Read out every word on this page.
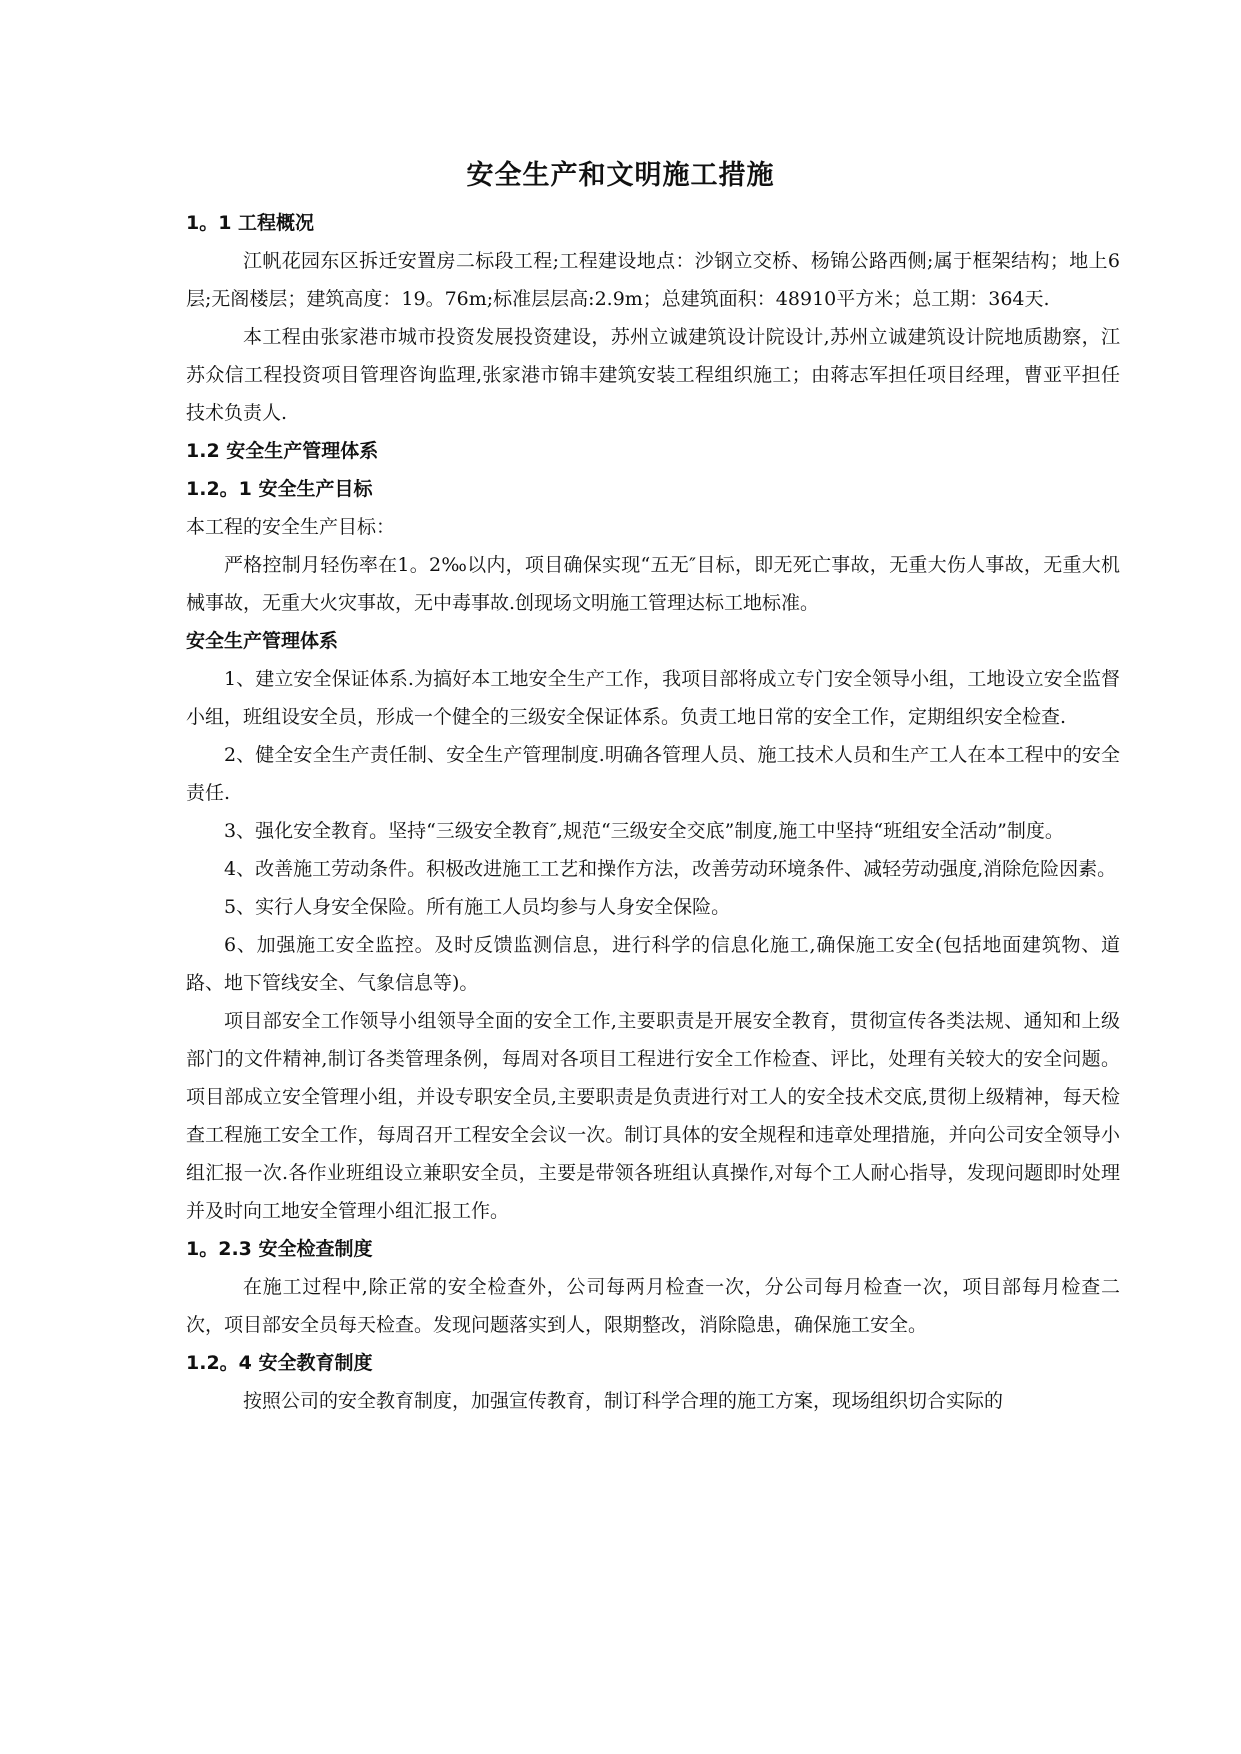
安全生产和文明施工措施

1。1 工程概况

江帆花园东区拆迁安置房二标段工程;工程建设地点：沙钢立交桥、杨锦公路西侧;属于框架结构；地上6层;无阁楼层；建筑高度：19。76m;标准层层高:2.9m；总建筑面积：48910平方米；总工期：364天.

本工程由张家港市城市投资发展投资建设，苏州立诚建筑设计院设计,苏州立诚建筑设计院地质勘察，江苏众信工程投资项目管理咨询监理,张家港市锦丰建筑安装工程组织施工；由蒋志军担任项目经理，曹亚平担任技术负责人.

1.2 安全生产管理体系

1.2。1 安全生产目标

本工程的安全生产目标：

严格控制月轻伤率在1。2‰以内，项目确保实现“五无″目标，即无死亡事故，无重大伤人事故，无重大机械事故，无重大火灾事故，无中毒事故.创现场文明施工管理达标工地标准。

安全生产管理体系

1、建立安全保证体系.为搞好本工地安全生产工作，我项目部将成立专门安全领导小组，工地设立安全监督小组，班组设安全员，形成一个健全的三级安全保证体系。负责工地日常的安全工作，定期组织安全检查.

2、健全安全生产责任制、安全生产管理制度.明确各管理人员、施工技术人员和生产工人在本工程中的安全责任.

3、强化安全教育。坚持“三级安全教育″,规范“三级安全交底”制度,施工中坚持“班组安全活动”制度。

4、改善施工劳动条件。积极改进施工工艺和操作方法，改善劳动环境条件、减轻劳动强度,消除危险因素。

5、实行人身安全保险。所有施工人员均参与人身安全保险。

6、加强施工安全监控。及时反馈监测信息，进行科学的信息化施工,确保施工安全(包括地面建筑物、道路、地下管线安全、气象信息等)。

项目部安全工作领导小组领导全面的安全工作,主要职责是开展安全教育，贯彻宣传各类法规、通知和上级部门的文件精神,制订各类管理条例，每周对各项目工程进行安全工作检查、评比，处理有关较大的安全问题。项目部成立安全管理小组，并设专职安全员,主要职责是负责进行对工人的安全技术交底,贯彻上级精神，每天检查工程施工安全工作，每周召开工程安全会议一次。制订具体的安全规程和违章处理措施，并向公司安全领导小组汇报一次.各作业班组设立兼职安全员，主要是带领各班组认真操作,对每个工人耐心指导，发现问题即时处理并及时向工地安全管理小组汇报工作。

1。2.3 安全检查制度

在施工过程中,除正常的安全检查外，公司每两月检查一次，分公司每月检查一次，项目部每月检查二次，项目部安全员每天检查。发现问题落实到人，限期整改，消除隐患，确保施工安全。

1.2。4 安全教育制度

按照公司的安全教育制度，加强宣传教育，制订科学合理的施工方案，现场组织切合实际的
